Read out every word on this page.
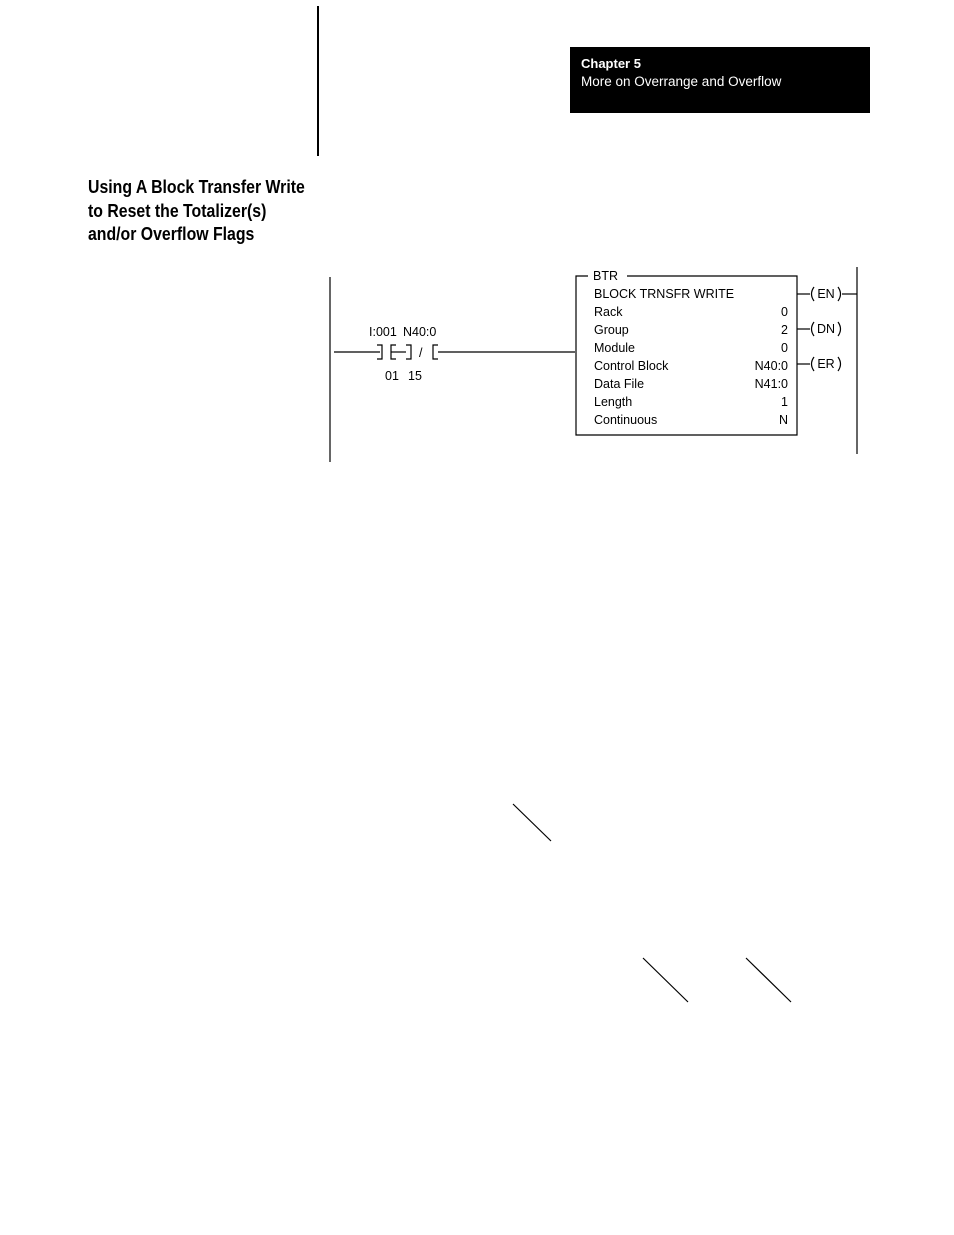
Chapter 5
More on Overrange and Overflow
Using A Block Transfer Write
to Reset the Totalizer(s)
and/or Overflow Flags
I:001 N40:0
01 15
/
BTR
BLOCK TRNSFR WRITE
Rack	0
Group	2
Module	0
Control Block	N40:0
Data File	N41:0
Length	1
Continuous	N
EN
DN
ER
